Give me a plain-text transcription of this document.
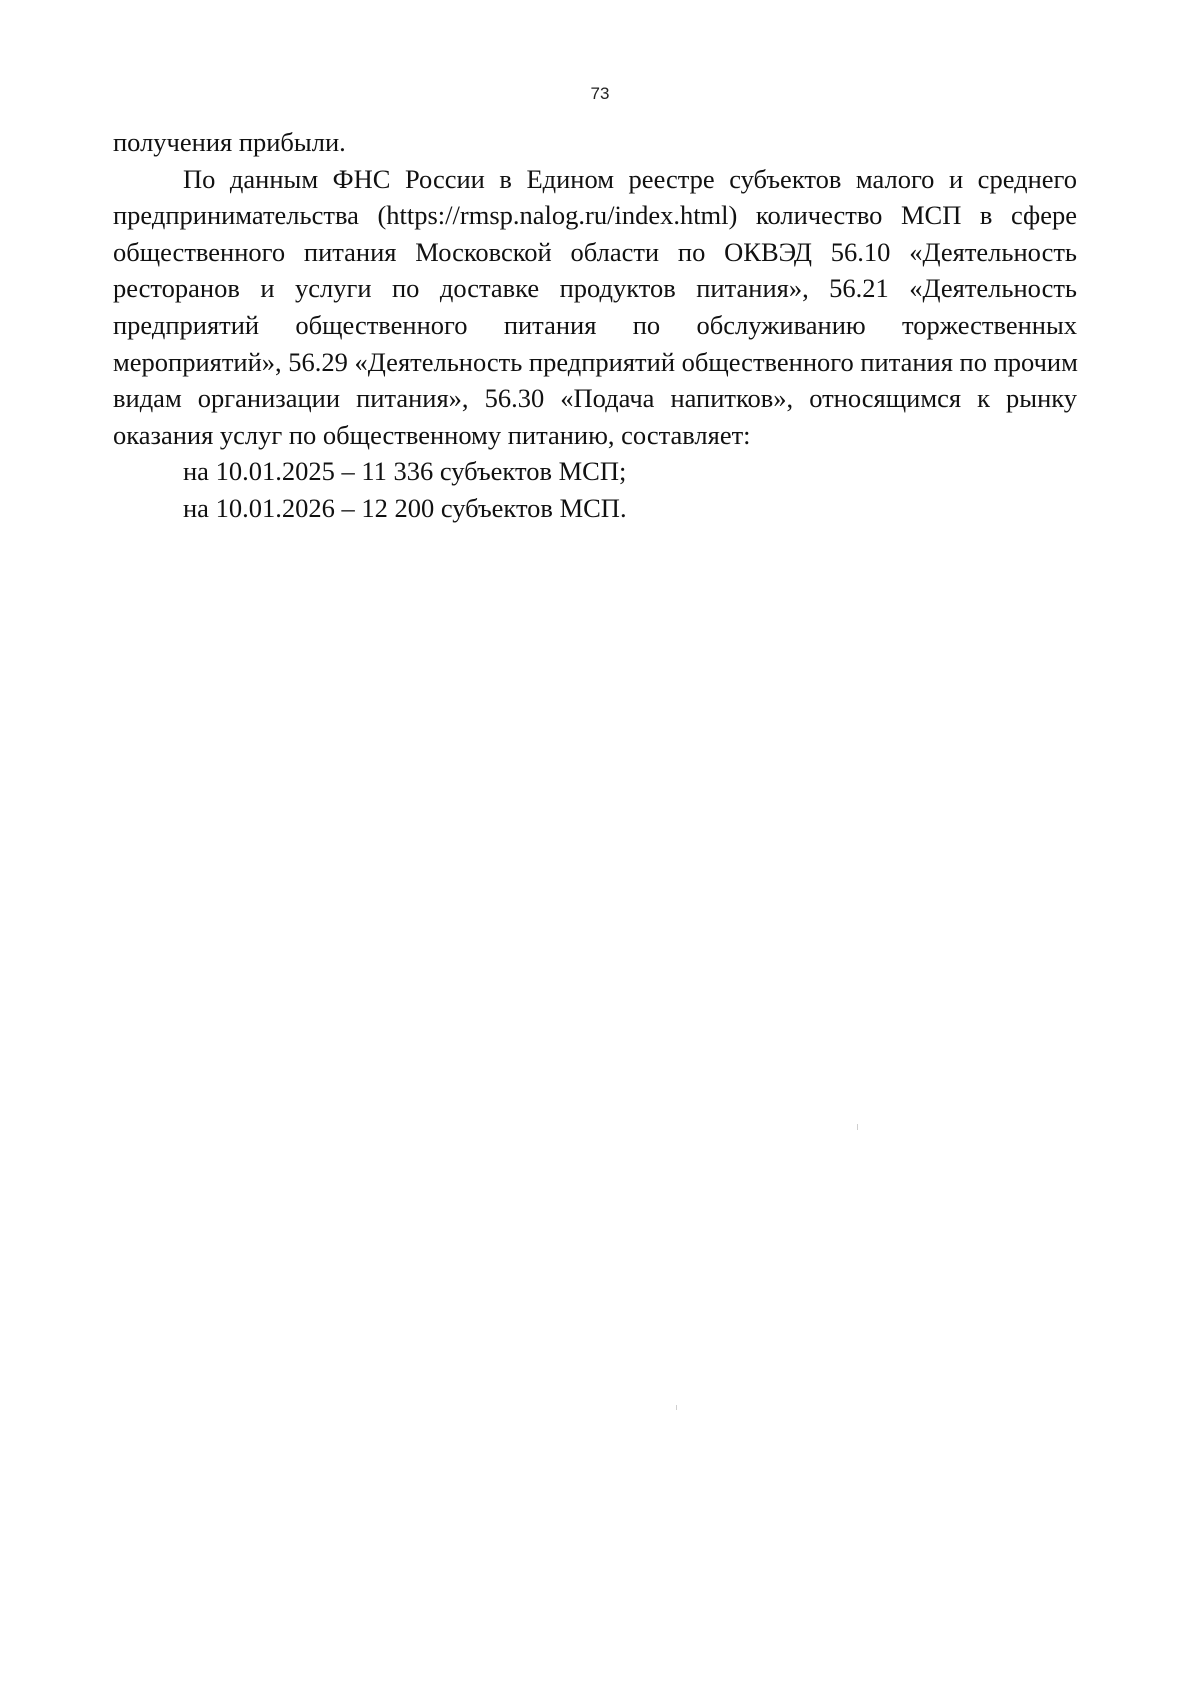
73
получения прибыли.
По данным ФНС России в Едином реестре субъектов малого и среднего
предпринимательства (https://rmsp.nalog.ru/index.html) количество МСП в сфере
общественного питания Московской области по ОКВЭД 56.10 «Деятельность
ресторанов и услуги по доставке продуктов питания», 56.21 «Деятельность
предприятий общественного питания по обслуживанию торжественных
мероприятий», 56.29 «Деятельность предприятий общественного питания по прочим
видам организации питания», 56.30 «Подача напитков», относящимся к рынку
оказания услуг по общественному питанию, составляет:
на 10.01.2025 – 11 336 субъектов МСП;
на 10.01.2026 – 12 200 субъектов МСП.
